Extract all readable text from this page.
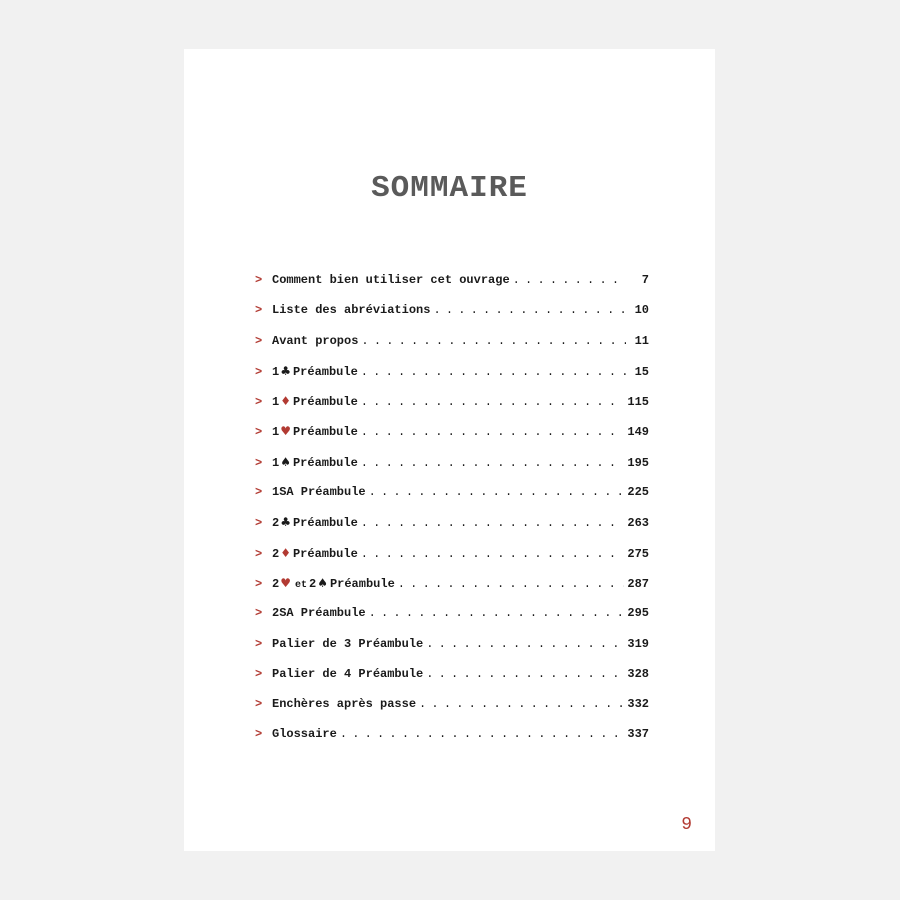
SOMMAIRE
> Comment bien utiliser cet ouvrage . . .	7
> Liste des abréviations . . .	10
> Avant propos . . .	11
> 1 ♣ Préambule . . .	15
> 1 ♦ Préambule . . .	115
> 1 ♥ Préambule . . .	149
> 1 ♠ Préambule . . .	195
> 1SA Préambule . . .	225
> 2 ♣ Préambule . . .	263
> 2 ♦ Préambule . . .	275
> 2 ♥ et 2 ♠ Préambule . . .	287
> 2SA Préambule . . .	295
> Palier de 3 Préambule . . .	319
> Palier de 4 Préambule . . .	328
> Enchères après passe . . .	332
> Glossaire . . .	337
9
